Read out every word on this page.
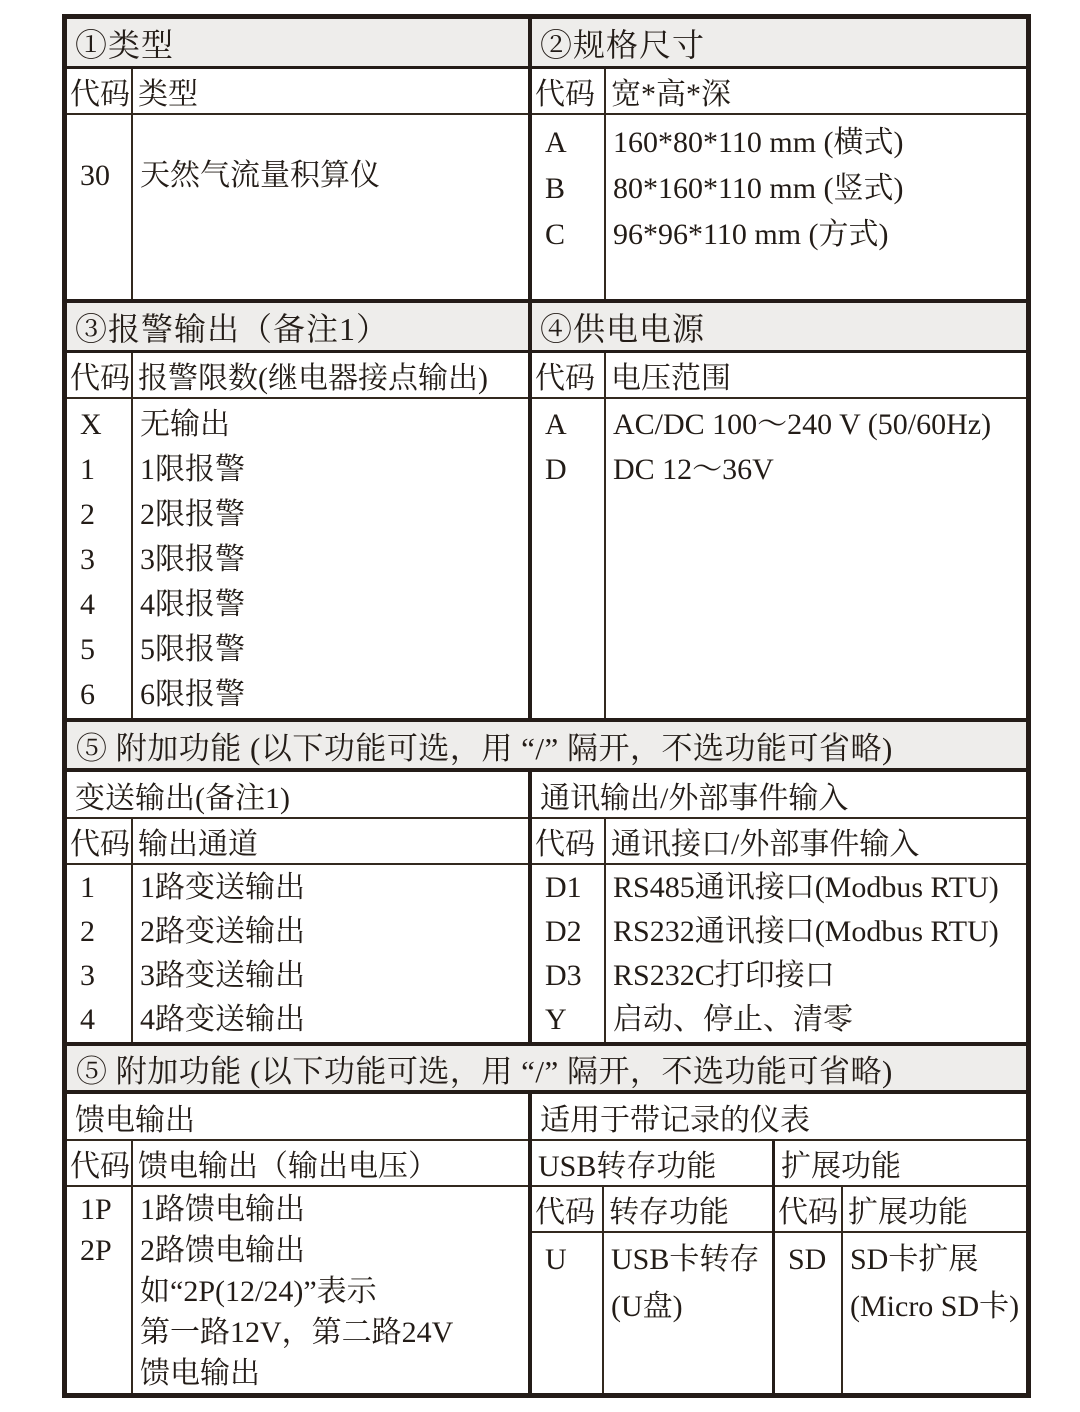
①类型
代码 类型
30	天然气流量积算仪
②规格尺寸
代码 宽*高*深
A
B
C
160*80*110 mm (横式)
80*160*110 mm (竖式)
96*96*110 mm (方式)
③报警输出（备注1）
代码 报警限数(继电器接点输出)
X
1
2
3
4
5
6
无输出
1限报警
2限报警
3限报警
4限报警
5限报警
6限报警
④供电电源
代码 电压范围
A
D
AC/DC 100～240 V (50/60Hz)
DC 12～36V
⑤ 附加功能 (以下功能可选，用 “/” 隔开，不选功能可省略)
变送输出(备注1)
代码 输出通道
1
2
3
4
1路变送输出
2路变送输出
3路变送输出
4路变送输出
通讯输出/外部事件输入
代码 通讯接口/外部事件输入
D1
D2
D3
Y
RS485通讯接口(Modbus RTU)
RS232通讯接口(Modbus RTU)
RS232C打印接口
启动、停止、清零
⑤ 附加功能 (以下功能可选，用 “/” 隔开，不选功能可省略)
馈电输出
代码 馈电输出（输出电压）
1P
2P
1路馈电输出
2路馈电输出
如“2P(12/24)”表示
第一路12V，第二路24V
馈电输出
适用于带记录的仪表
USB转存功能
代码 转存功能
U	USB卡转存
(U盘)
扩展功能
代码 扩展功能
SD SD卡扩展
(Micro SD卡)
